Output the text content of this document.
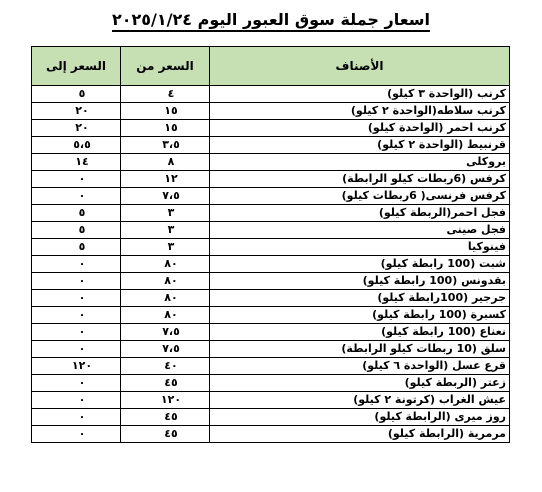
اسعار جملة سوق العبور اليوم ٢٠٢٥/١/٢٤
الأصناف	السعر من	السعر إلى
كرنب (الواحدة ٣ كيلو)	٤	٥
كرنب سلاطه(الواحدة ٢ كيلو)	١٥	٢٠
كرنب احمر (الواحدة كيلو)	١٥	٢٠
قرنبيط (الواحدة ٢ كيلو)	٣،٥	٥،٥
بروكلى	٨	١٤
كرفس (6ربطات كيلو الرابطة)	١٢	٠
كرفس فرنسى( 6ربطات كيلو)	٧،٥	٠
فجل احمر(الربطة كيلو)	٣	٥
فجل صينى	٣	٥
فينوكيا	٣	٥
شبت (100 رابطة كيلو)	٨٠	٠
بقدونس (100 رابطة كيلو)	٨٠	٠
جرجير (100رابطة كيلو)	٨٠	٠
كسبرة (100 رابطة كيلو)	٨٠	٠
نعناع (100 رابطة كيلو)	٧،٥	٠
سلق (10 ربطات كيلو الرابطة)	٧،٥	٠
قرع عسل (الواحدة ٦ كيلو)	٤٠	١٢٠
زعتر (الربطة كيلو)	٤٥	٠
عيش الغراب (كرتونة ٢ كيلو)	١٢٠	٠
روز ميرى (الرابطة كيلو)	٤٥	٠
مرمرية (الرابطة كيلو)	٤٥	٠
